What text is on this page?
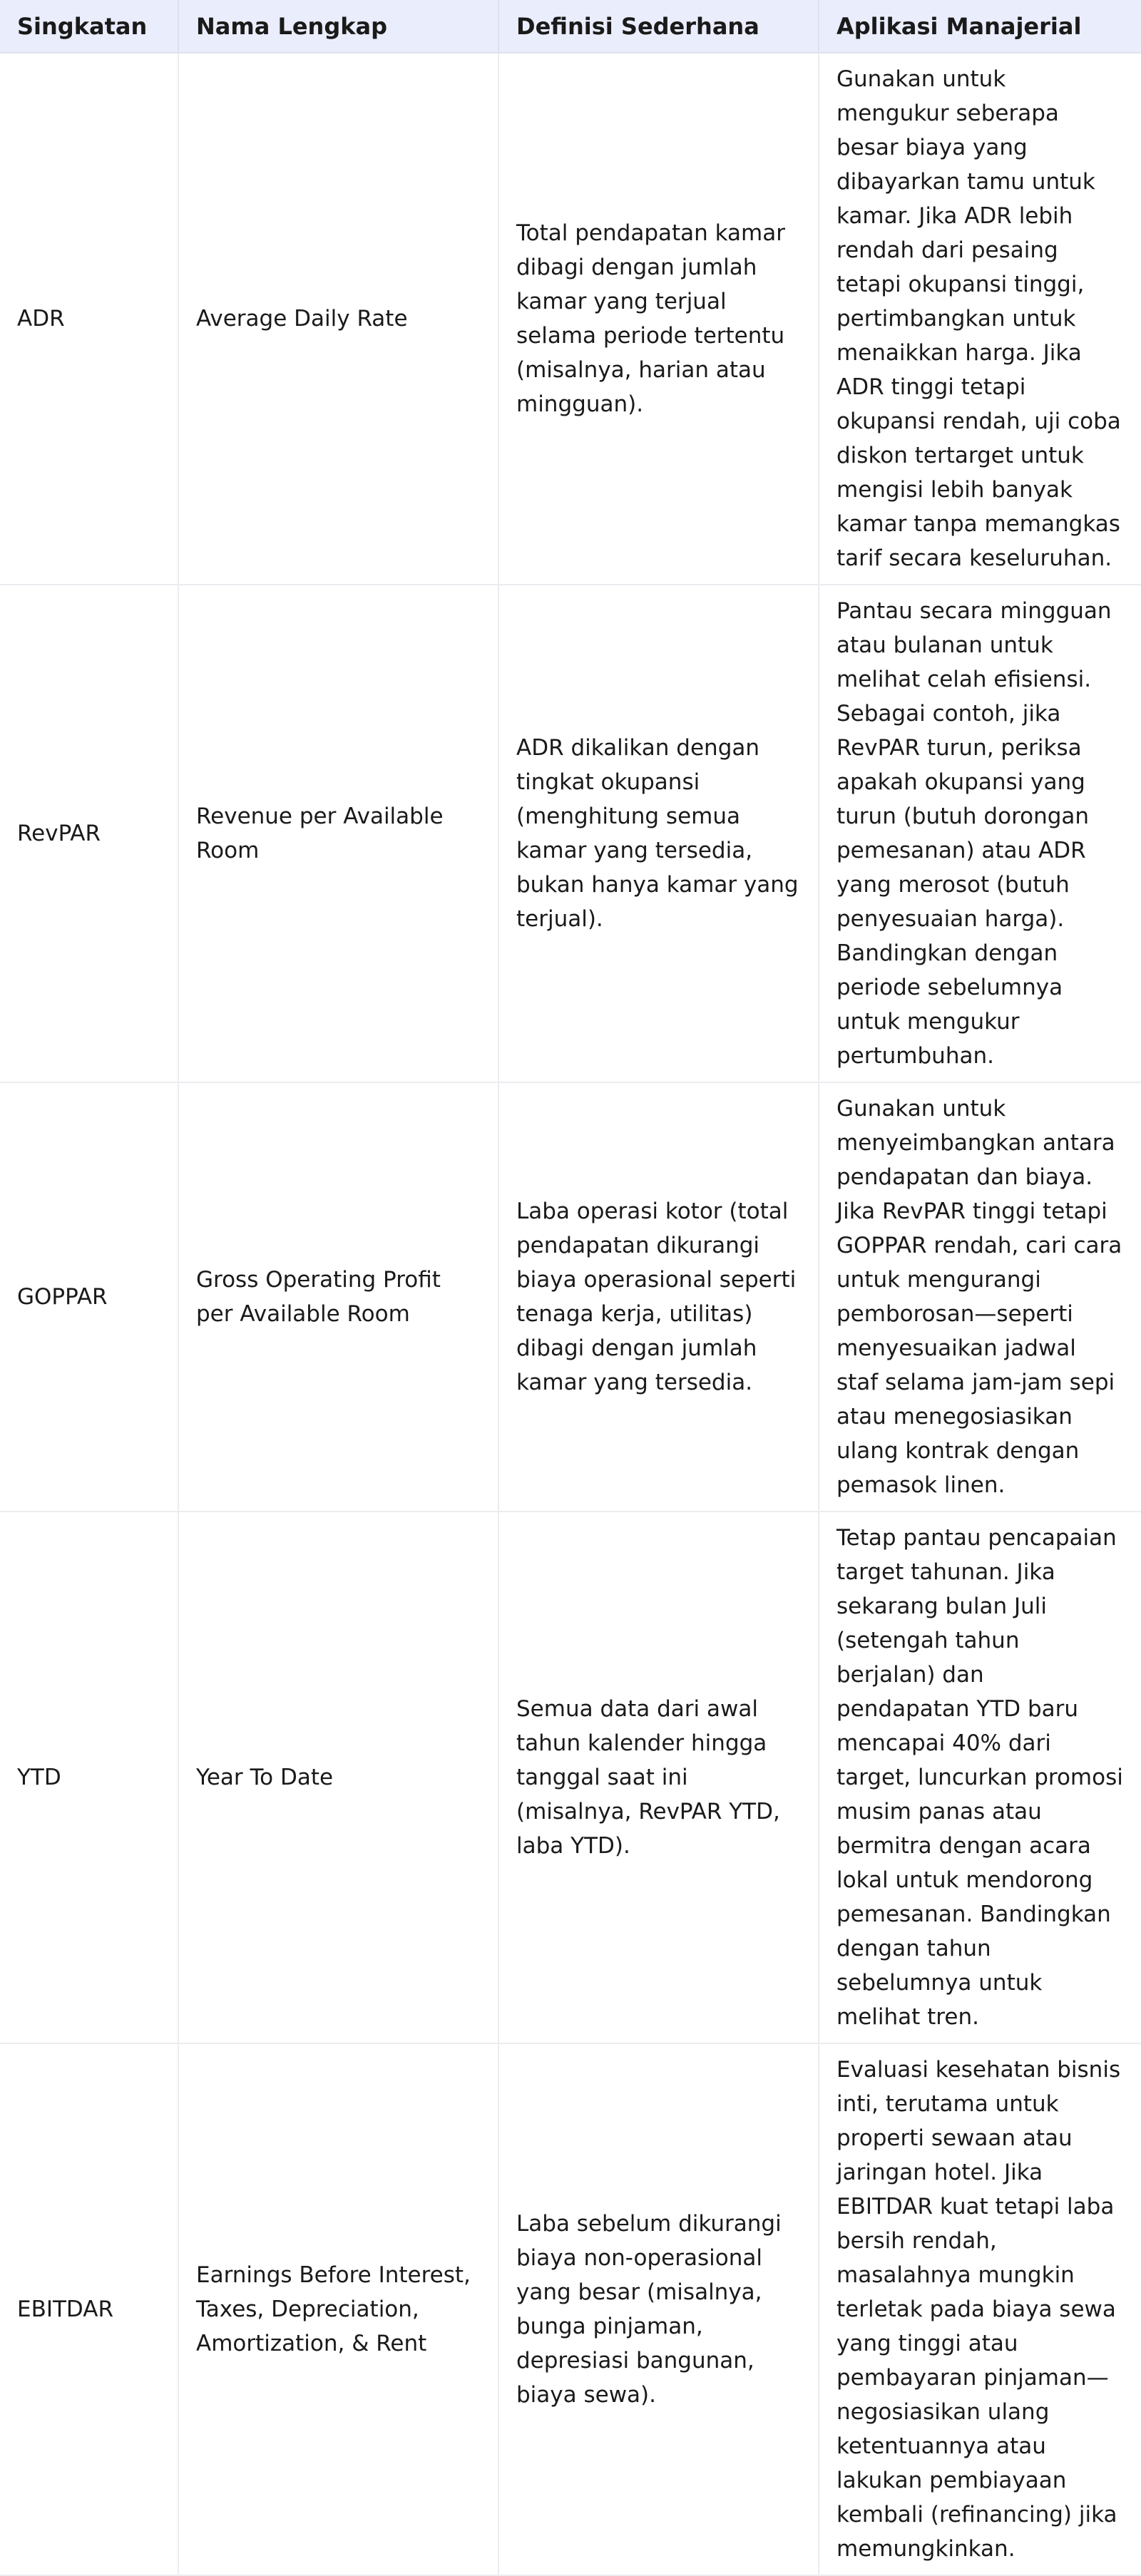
Singkatan	Nama Lengkap	Definisi Sederhana	Aplikasi Manajerial
ADR	Average Daily Rate	Total pendapatan kamar dibagi dengan jumlah kamar yang terjual selama periode tertentu (misalnya, harian atau mingguan).	Gunakan untuk mengukur seberapa besar biaya yang dibayarkan tamu untuk kamar. Jika ADR lebih rendah dari pesaing tetapi okupansi tinggi, pertimbangkan untuk menaikkan harga. Jika ADR tinggi tetapi okupansi rendah, uji coba diskon tertarget untuk mengisi lebih banyak kamar tanpa memangkas tarif secara keseluruhan.
RevPAR	Revenue per Available Room	ADR dikalikan dengan tingkat okupansi (menghitung semua kamar yang tersedia, bukan hanya kamar yang terjual).	Pantau secara mingguan atau bulanan untuk melihat celah efisiensi. Sebagai contoh, jika RevPAR turun, periksa apakah okupansi yang turun (butuh dorongan pemesanan) atau ADR yang merosot (butuh penyesuaian harga). Bandingkan dengan periode sebelumnya untuk mengukur pertumbuhan.
GOPPAR	Gross Operating Profit per Available Room	Laba operasi kotor (total pendapatan dikurangi biaya operasional seperti tenaga kerja, utilitas) dibagi dengan jumlah kamar yang tersedia.	Gunakan untuk menyeimbangkan antara pendapatan dan biaya. Jika RevPAR tinggi tetapi GOPPAR rendah, cari cara untuk mengurangi pemborosan—seperti menyesuaikan jadwal staf selama jam-jam sepi atau menegosiasikan ulang kontrak dengan pemasok linen.
YTD	Year To Date	Semua data dari awal tahun kalender hingga tanggal saat ini (misalnya, RevPAR YTD, laba YTD).	Tetap pantau pencapaian target tahunan. Jika sekarang bulan Juli (setengah tahun berjalan) dan pendapatan YTD baru mencapai 40% dari target, luncurkan promosi musim panas atau bermitra dengan acara lokal untuk mendorong pemesanan. Bandingkan dengan tahun sebelumnya untuk melihat tren.
EBITDAR	Earnings Before Interest, Taxes, Depreciation, Amortization, & Rent	Laba sebelum dikurangi biaya non-operasional yang besar (misalnya, bunga pinjaman, depresiasi bangunan, biaya sewa).	Evaluasi kesehatan bisnis inti, terutama untuk properti sewaan atau jaringan hotel. Jika EBITDAR kuat tetapi laba bersih rendah, masalahnya mungkin terletak pada biaya sewa yang tinggi atau pembayaran pinjaman—negosiasikan ulang ketentuannya atau lakukan pembiayaan kembali (refinancing) jika memungkinkan.
